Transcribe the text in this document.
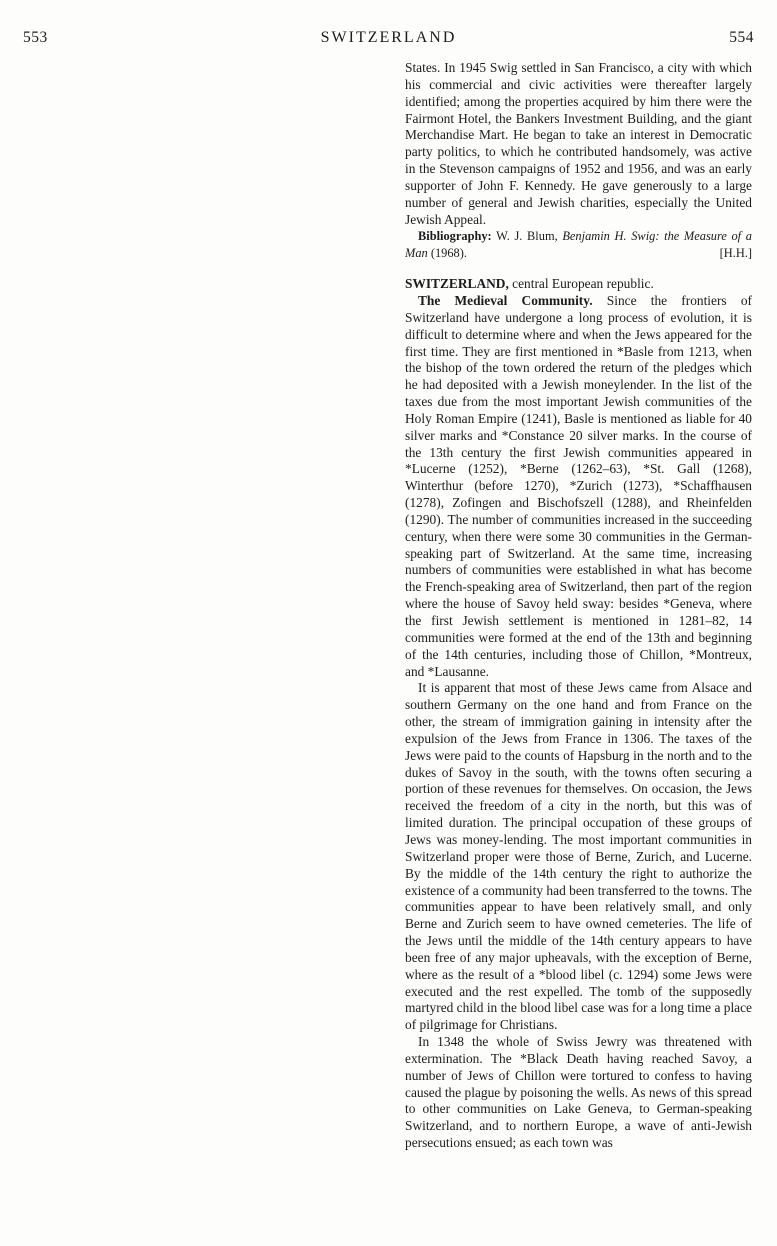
553	SWITZERLAND	554

States. In 1945 Swig settled in San Francisco, a city with which his commercial and civic activities were thereafter largely identified; among the properties acquired by him there were the Fairmont Hotel, the Bankers Investment Building, and the giant Merchandise Mart. He began to take an interest in Democratic party politics, to which he contributed handsomely, was active in the Stevenson campaigns of 1952 and 1956, and was an early supporter of John F. Kennedy. He gave generously to a large number of general and Jewish charities, especially the United Jewish Appeal.

Bibliography: W. J. Blum, Benjamin H. Swig: the Measure of a Man (1968).	[H.H.]

SWITZERLAND, central European republic.

The Medieval Community. Since the frontiers of Switzerland have undergone a long process of evolution, it is difficult to determine where and when the Jews appeared for the first time. They are first mentioned in *Basle from 1213, when the bishop of the town ordered the return of the pledges which he had deposited with a Jewish moneylender. In the list of the taxes due from the most important Jewish communities of the Holy Roman Empire (1241), Basle is mentioned as liable for 40 silver marks and *Constance 20 silver marks. In the course of the 13th century the first Jewish communities appeared in *Lucerne (1252), *Berne (1262–63), *St. Gall (1268), Winterthur (before 1270), *Zurich (1273), *Schaffhausen (1278), Zofingen and Bischofszell (1288), and Rheinfelden (1290). The number of communities increased in the succeeding century, when there were some 30 communities in the German-speaking part of Switzerland. At the same time, increasing numbers of communities were established in what has become the French-speaking area of Switzerland, then part of the region where the house of Savoy held sway: besides *Geneva, where the first Jewish settlement is mentioned in 1281–82, 14 communities were formed at the end of the 13th and beginning of the 14th centuries, including those of Chillon, *Montreux, and *Lausanne.

It is apparent that most of these Jews came from Alsace and southern Germany on the one hand and from France on the other, the stream of immigration gaining in intensity after the expulsion of the Jews from France in 1306. The taxes of the Jews were paid to the counts of Hapsburg in the north and to the dukes of Savoy in the south, with the towns often securing a portion of these revenues for themselves. On occasion, the Jews received the freedom of a city in the north, but this was of limited duration. The principal occupation of these groups of Jews was money-lending. The most important communities in Switzerland proper were those of Berne, Zurich, and Lucerne. By the middle of the 14th century the right to authorize the existence of a community had been transferred to the towns. The communities appear to have been relatively small, and only Berne and Zurich seem to have owned cemeteries. The life of the Jews until the middle of the 14th century appears to have been free of any major upheavals, with the exception of Berne, where as the result of a *blood libel (c. 1294) some Jews were executed and the rest expelled. The tomb of the supposedly martyred child in the blood libel case was for a long time a place of pilgrimage for Christians.

In 1348 the whole of Swiss Jewry was threatened with extermination. The *Black Death having reached Savoy, a number of Jews of Chillon were tortured to confess to having caused the plague by poisoning the wells. As news of this spread to other communities on Lake Geneva, to German-speaking Switzerland, and to northern Europe, a wave of anti-Jewish persecutions ensued; as each town was
